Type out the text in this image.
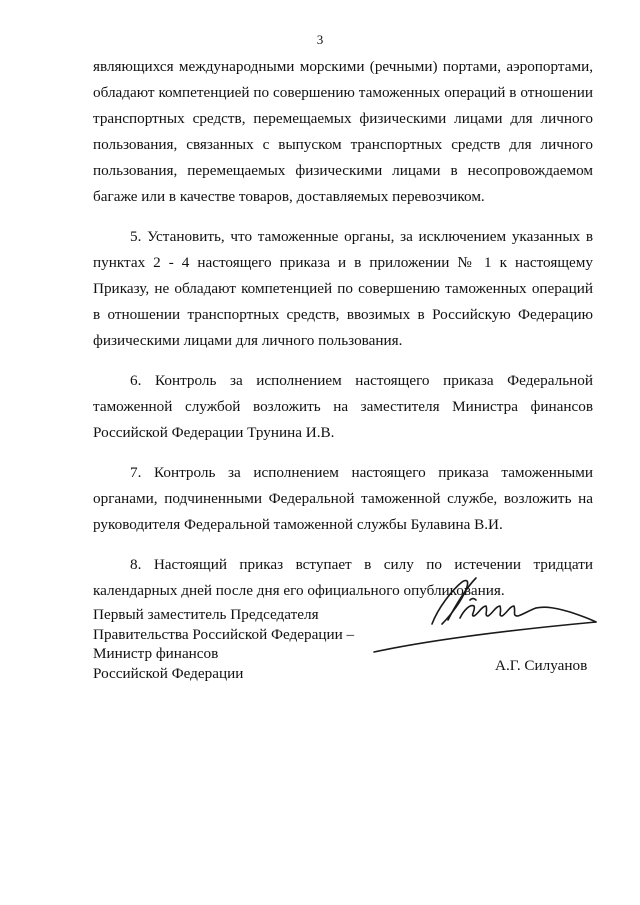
3

являющихся международными морскими (речными) портами, аэропортами, обладают компетенцией по совершению таможенных операций в отношении транспортных средств, перемещаемых физическими лицами для личного пользования, связанных с выпуском транспортных средств для личного пользования, перемещаемых физическими лицами в несопровождаемом багаже или в качестве товаров, доставляемых перевозчиком.

5. Установить, что таможенные органы, за исключением указанных в пунктах 2 - 4 настоящего приказа и в приложении № 1 к настоящему Приказу, не обладают компетенцией по совершению таможенных операций в отношении транспортных средств, ввозимых в Российскую Федерацию физическими лицами для личного пользования.

6. Контроль за исполнением настоящего приказа Федеральной таможенной службой возложить на заместителя Министра финансов Российской Федерации Трунина И.В.

7. Контроль за исполнением настоящего приказа таможенными органами, подчиненными Федеральной таможенной службе, возложить на руководителя Федеральной таможенной службы Булавина В.И.

8. Настоящий приказ вступает в силу по истечении тридцати календарных дней после дня его официального опубликования.

Первый заместитель Председателя
Правительства Российской Федерации –
Министр финансов
Российской Федерации	А.Г. Силуанов
